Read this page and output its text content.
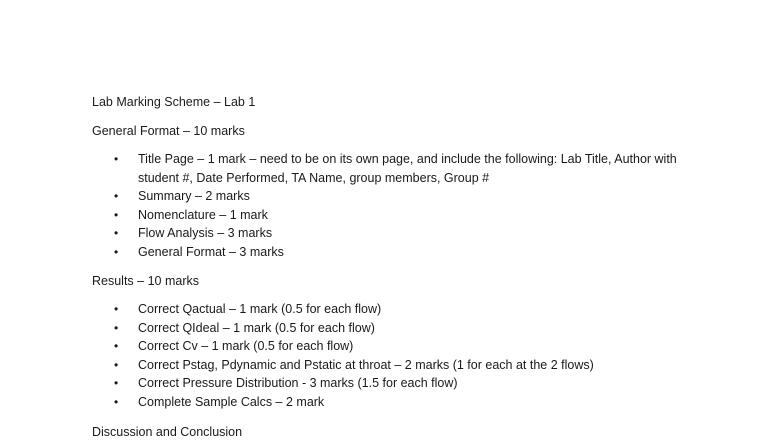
Lab Marking Scheme – Lab 1
General Format – 10 marks
• Title Page – 1 mark – need to be on its own page, and include the following: Lab Title, Author with student #, Date Performed, TA Name, group members, Group #
• Summary – 2 marks
• Nomenclature – 1 mark
• Flow Analysis – 3 marks
• General Format – 3 marks
Results – 10 marks
• Correct Qactual – 1 mark (0.5 for each flow)
• Correct QIdeal – 1 mark (0.5 for each flow)
• Correct Cv – 1 mark (0.5 for each flow)
• Correct Pstag, Pdynamic and Pstatic at throat – 2 marks (1 for each at the 2 flows)
• Correct Pressure Distribution - 3 marks (1.5 for each flow)
• Complete Sample Calcs – 2 mark
Discussion and Conclusion
